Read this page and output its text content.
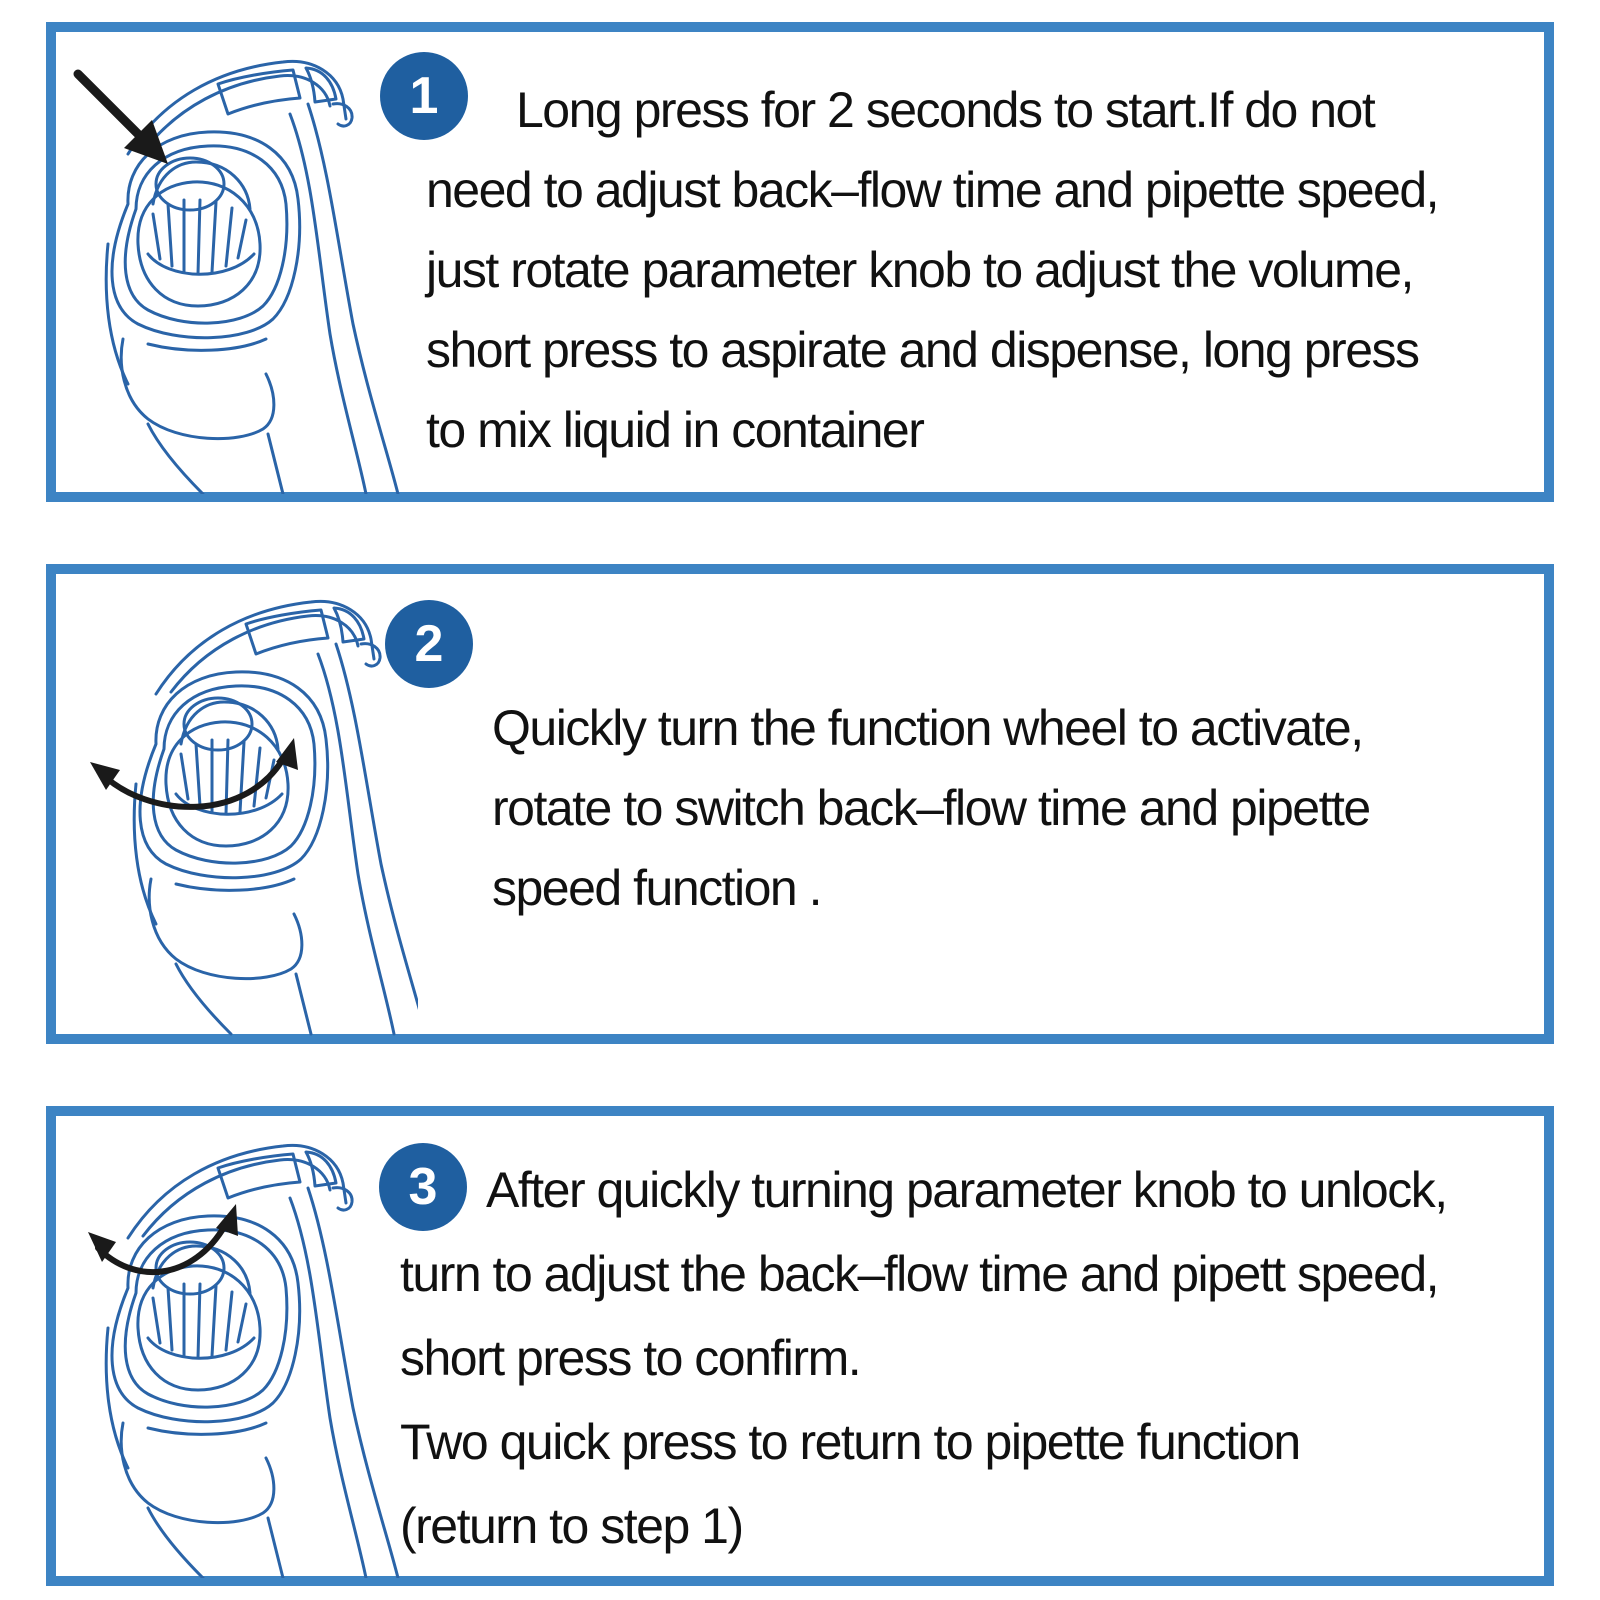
1	Long press for 2 seconds to start.If do not
need to adjust back–flow time and pipette speed,
just rotate parameter knob to adjust the volume,
short press to aspirate and dispense, long press
to mix liquid in container

2

Quickly turn the function wheel to activate,
rotate to switch back–flow time and pipette
speed function .

3 After quickly turning parameter knob to unlock,
turn to adjust the back–flow time and pipett speed,
short press to confirm.
Two quick press to return to pipette function
(return to step 1)
